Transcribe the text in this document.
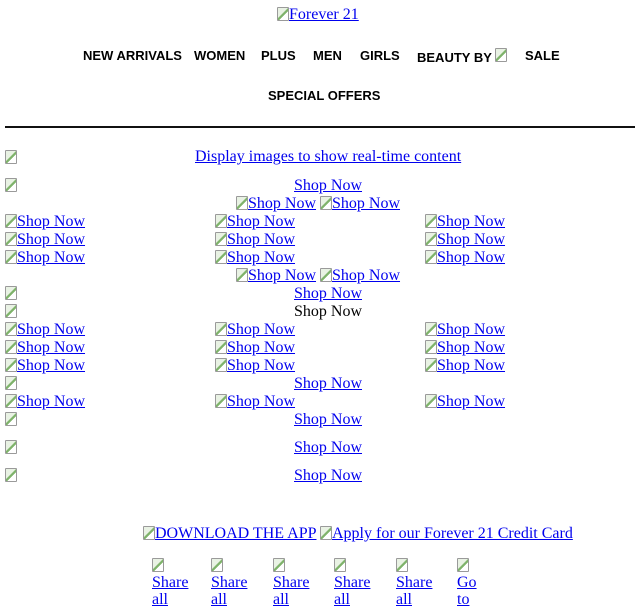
Forever 21
NEW ARRIVALS WOMEN PLUS MEN GIRLS BEAUTY BY	SALE
SPECIAL OFFERS
Display images to show real-time content
Shop Now
Shop Now Shop Now
Shop Now	Shop Now	Shop Now
Shop Now	Shop Now	Shop Now
Shop Now	Shop Now	Shop Now
Shop Now Shop Now
Shop Now
Shop Now
Shop Now	Shop Now	Shop Now
Shop Now	Shop Now	Shop Now
Shop Now	Shop Now	Shop Now
Shop Now
Shop Now	Shop Now	Shop Now
Shop Now
Shop Now
Shop Now
DOWNLOAD THE APP Apply for our Forever 21 Credit Card

Share
all

Share
all

Share
all

Share
all

Share
all

Go
to
